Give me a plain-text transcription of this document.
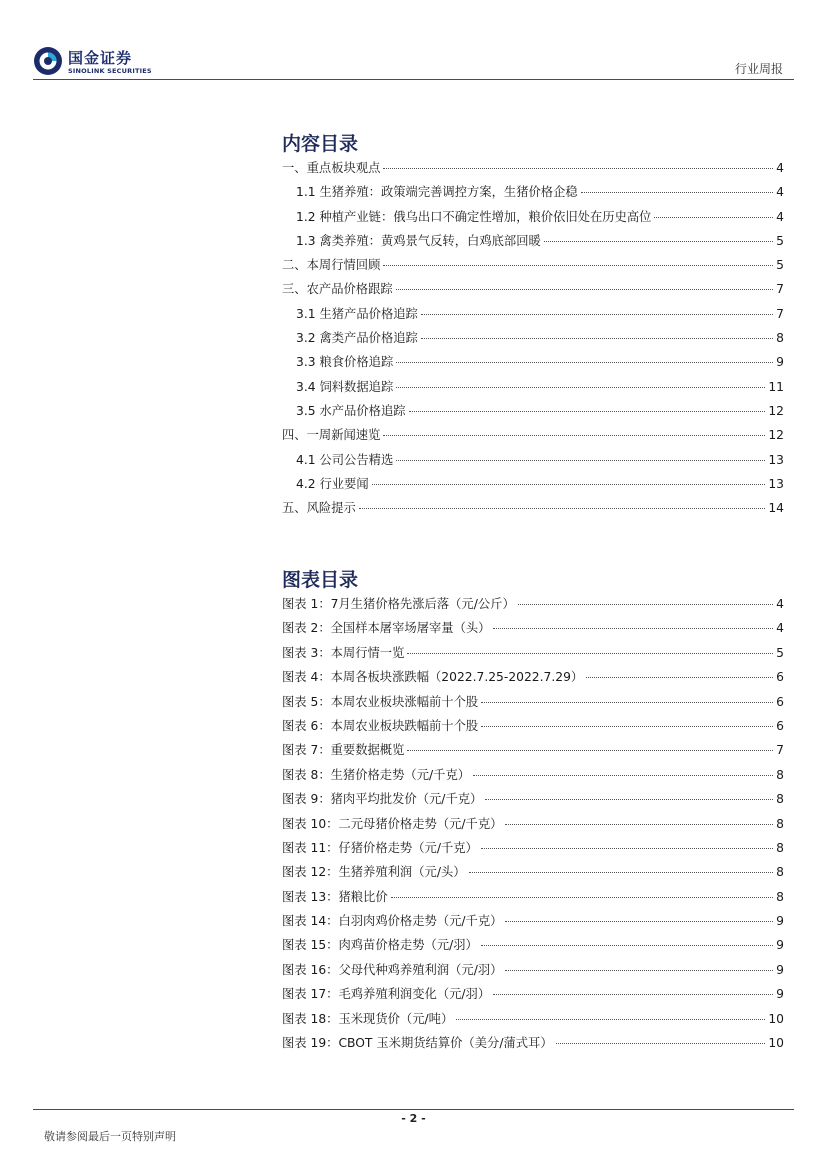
国金证券
SINOLINK SECURITIES	行业周报
内容目录
一、重点板块观点	4
1.1 生猪养殖：政策端完善调控方案，生猪价格企稳	4
1.2 种植产业链：俄乌出口不确定性增加，粮价依旧处在历史高位	4
1.3 禽类养殖：黄鸡景气反转，白鸡底部回暖	5
二、本周行情回顾	5
三、农产品价格跟踪	7
3.1 生猪产品价格追踪	7
3.2 禽类产品价格追踪	8
3.3 粮食价格追踪	9
3.4 饲料数据追踪	11
3.5 水产品价格追踪	12
四、一周新闻速览	12
4.1 公司公告精选	13
4.2 行业要闻	13
五、风险提示	14
图表目录
图表 1：7月生猪价格先涨后落（元/公斤）	4
图表 2：全国样本屠宰场屠宰量（头）	4
图表 3：本周行情一览	5
图表 4：本周各板块涨跌幅（2022.7.25-2022.7.29）	6
图表 5：本周农业板块涨幅前十个股	6
图表 6：本周农业板块跌幅前十个股	6
图表 7：重要数据概览	7
图表 8：生猪价格走势（元/千克）	8
图表 9：猪肉平均批发价（元/千克）	8
图表 10：二元母猪价格走势（元/千克）	8
图表 11：仔猪价格走势（元/千克）	8
图表 12：生猪养殖利润（元/头）	8
图表 13：猪粮比价	8
图表 14：白羽肉鸡价格走势（元/千克）	9
图表 15：肉鸡苗价格走势（元/羽）	9
图表 16：父母代种鸡养殖利润（元/羽）	9
图表 17：毛鸡养殖利润变化（元/羽）	9
图表 18：玉米现货价（元/吨）	10
图表 19：CBOT 玉米期货结算价（美分/蒲式耳）	10
- 2 -
敬请参阅最后一页特别声明
